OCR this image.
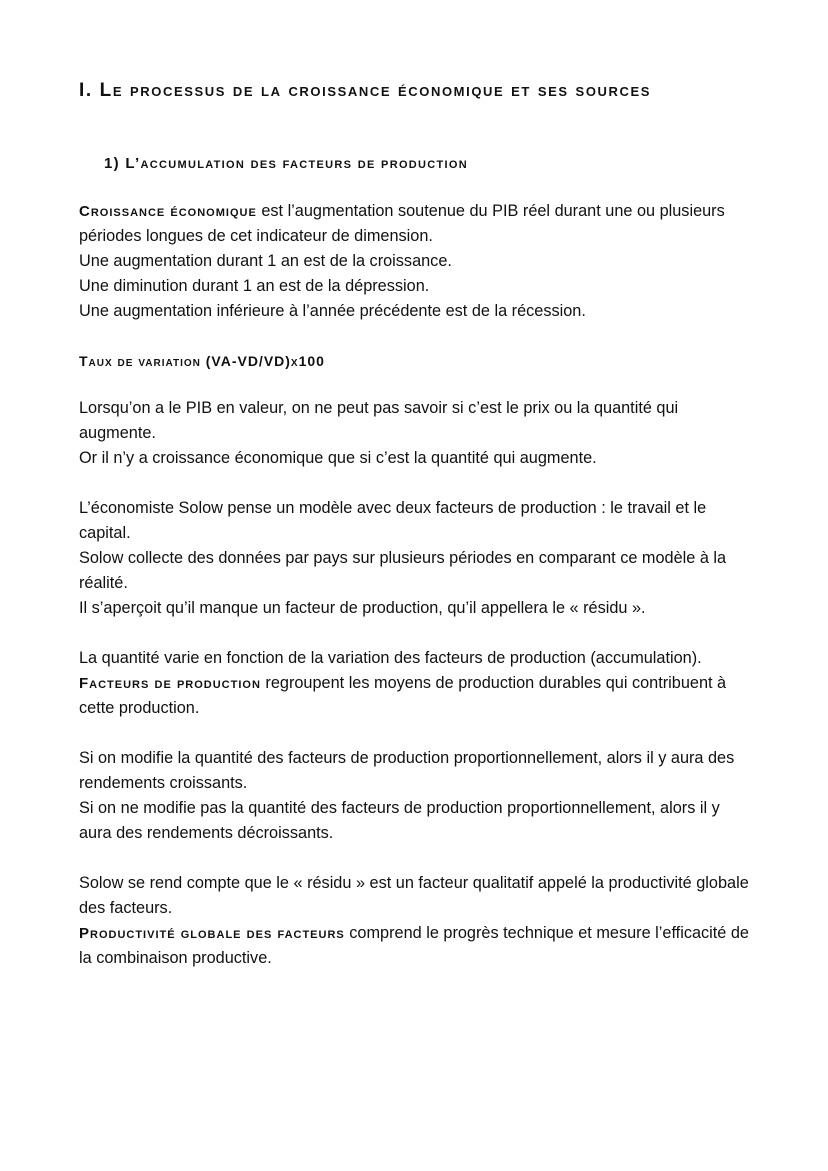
I. Le processus de la croissance économique et ses sources
1) L’accumulation des facteurs de production

Croissance économique est l’augmentation soutenue du PIB réel durant une ou plusieurs périodes longues de cet indicateur de dimension.
Une augmentation durant 1 an est de la croissance.
Une diminution durant 1 an est de la dépression.
Une augmentation inférieure à l’année précédente est de la récession.

Taux de variation (VA-VD/VD)x100

Lorsqu’on a le PIB en valeur, on ne peut pas savoir si c’est le prix ou la quantité qui augmente.
Or il n’y a croissance économique que si c’est la quantité qui augmente.

L’économiste Solow pense un modèle avec deux facteurs de production : le travail et le capital.
Solow collecte des données par pays sur plusieurs périodes en comparant ce modèle à la réalité.
Il s’aperçoit qu’il manque un facteur de production, qu’il appellera le « résidu ».

La quantité varie en fonction de la variation des facteurs de production (accumulation).
Facteurs de production regroupent les moyens de production durables qui contribuent à cette production.

Si on modifie la quantité des facteurs de production proportionnellement, alors il y aura des rendements croissants.
Si on ne modifie pas la quantité des facteurs de production proportionnellement, alors il y aura des rendements décroissants.

Solow se rend compte que le « résidu » est un facteur qualitatif appelé la productivité globale des facteurs.
Productivité globale des facteurs comprend le progrès technique et mesure l’efficacité de la combinaison productive.
